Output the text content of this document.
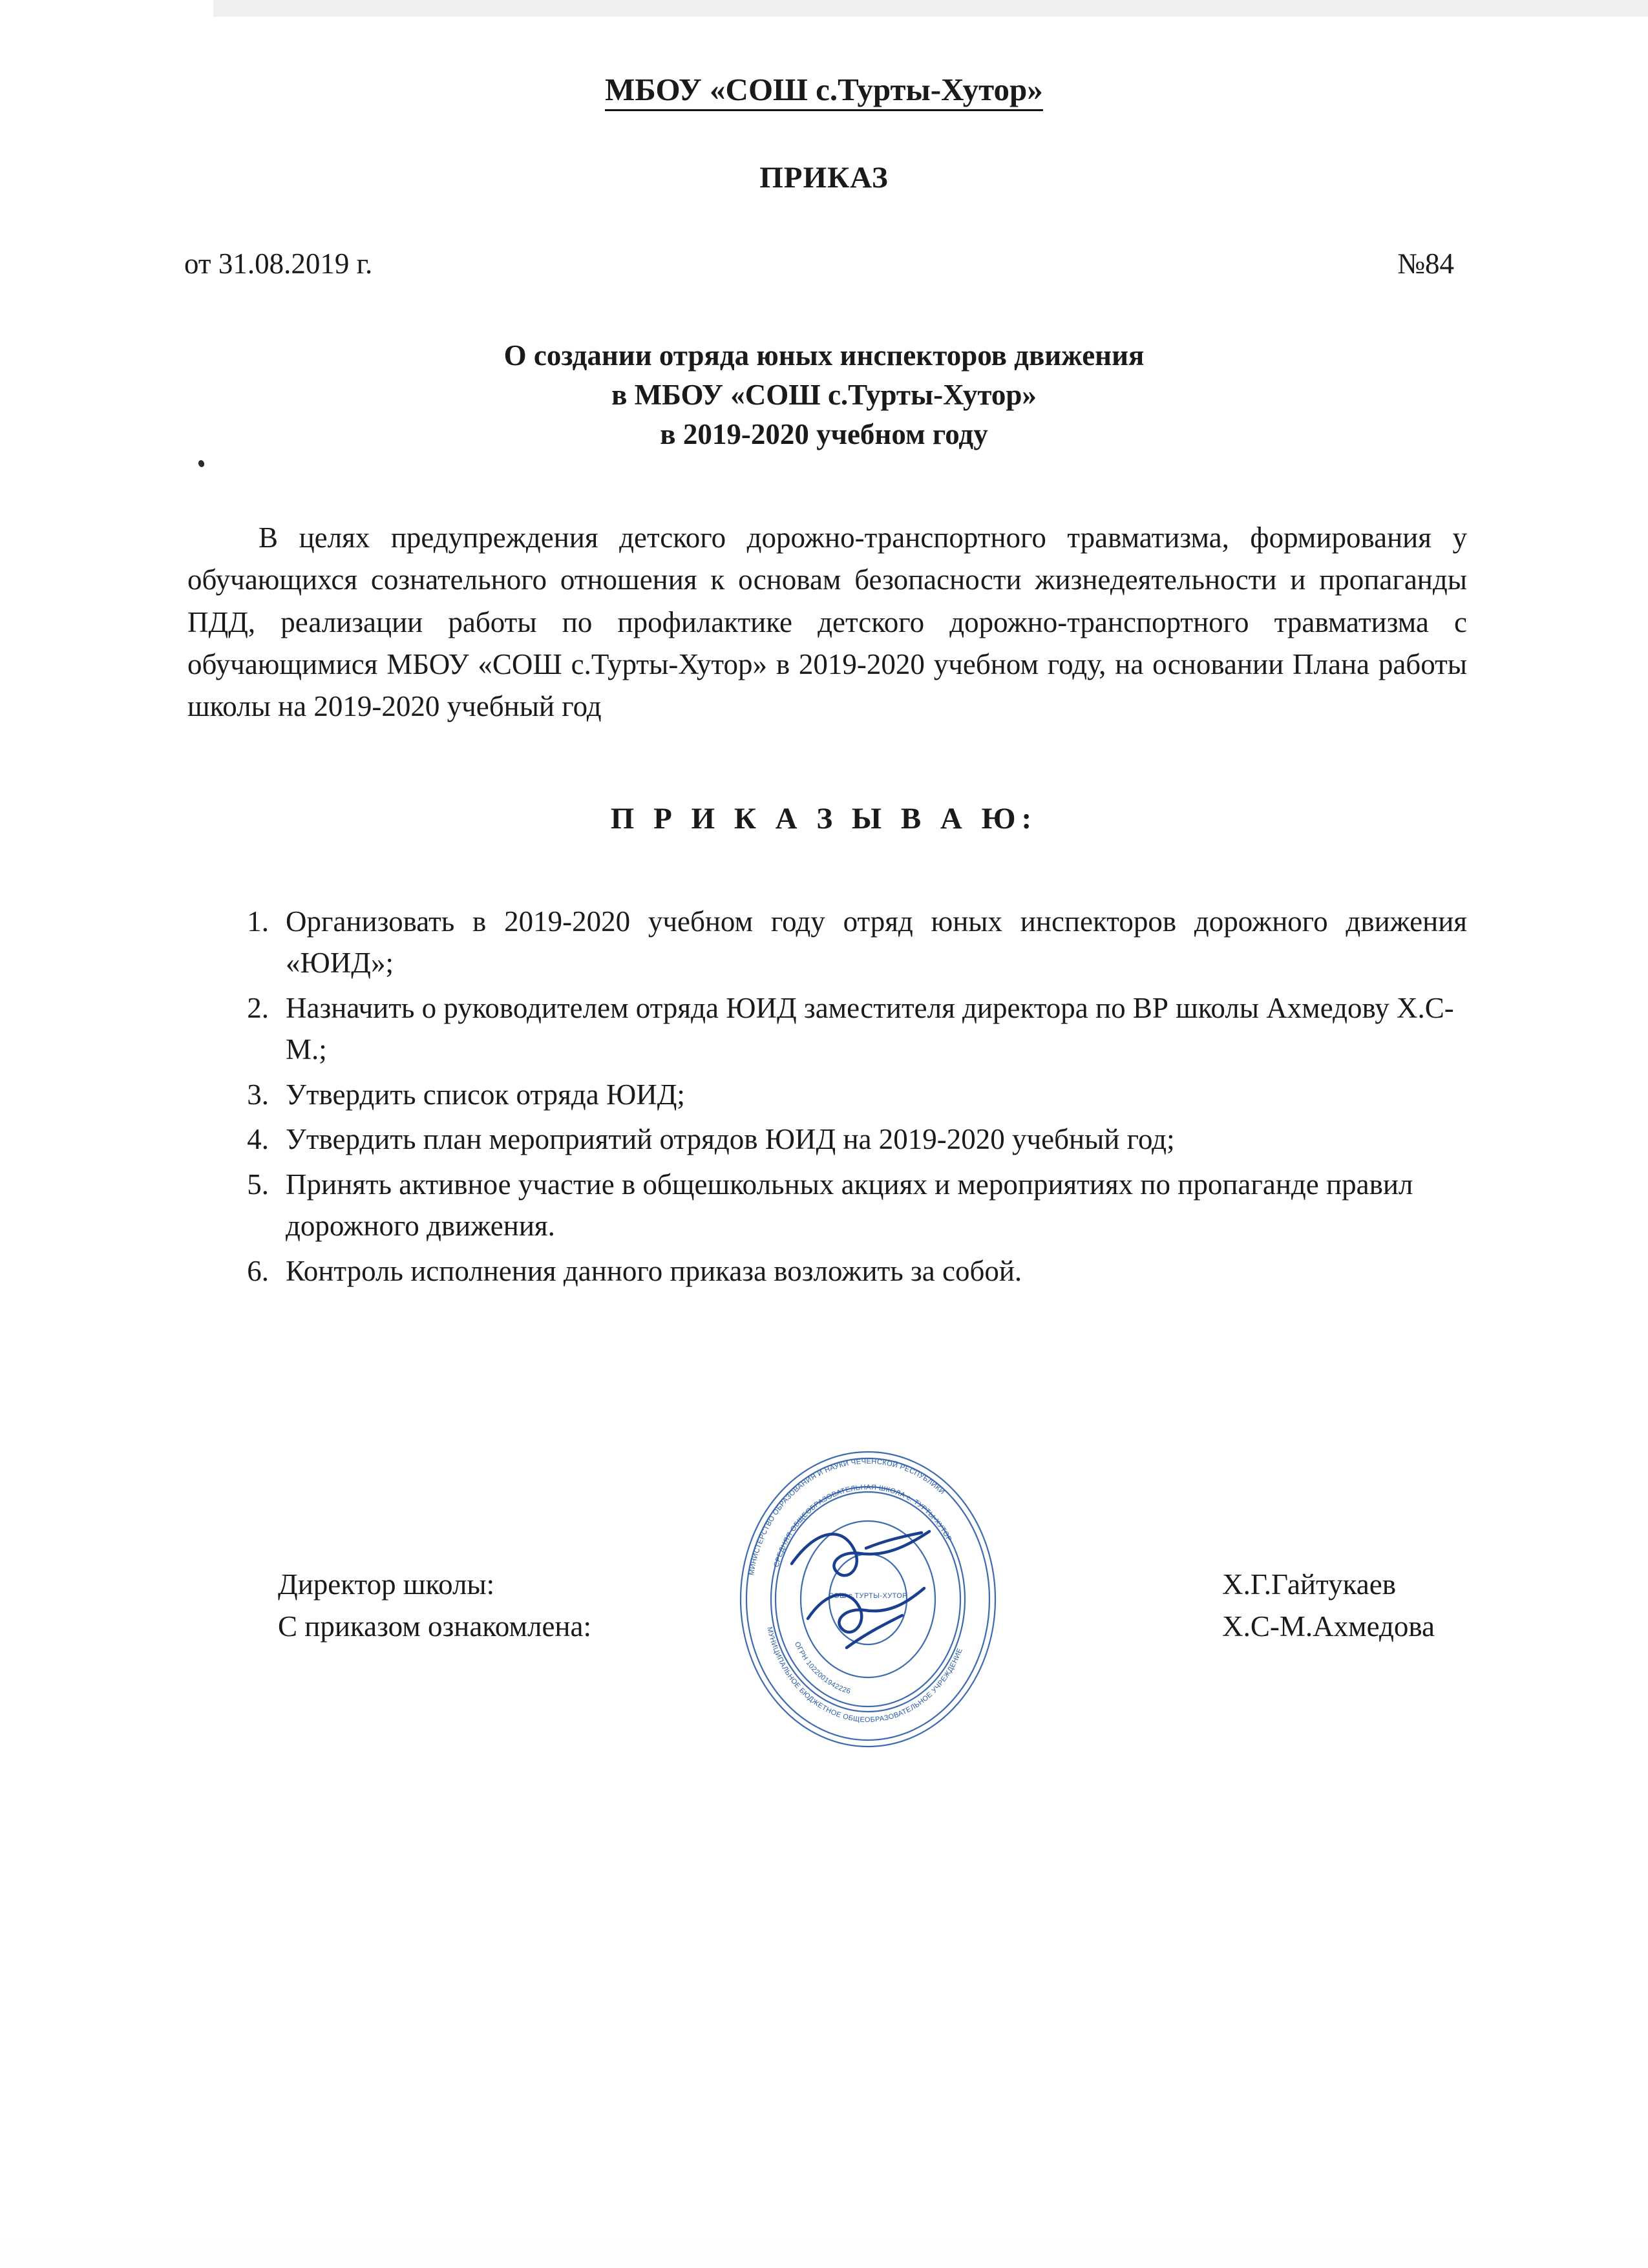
МБОУ «СОШ с.Турты-Хутор»
ПРИКАЗ
от 31.08.2019 г.	№84
О создании отряда юных инспекторов движения
в МБОУ «СОШ с.Турты-Хутор»
в 2019-2020 учебном году
В целях предупреждения детского дорожно-транспортного травматизма, формирования у обучающихся сознательного отношения к основам безопасности жизнедеятельности и пропаганды ПДД, реализации работы по профилактике детского дорожно-транспортного травматизма с обучающимися МБОУ «СОШ с.Турты-Хутор» в 2019-2020 учебном году, на основании Плана работы школы на 2019-2020 учебный год
П Р И К А З Ы В А Ю:
1. Организовать в 2019-2020 учебном году отряд юных инспекторов дорожного движения «ЮИД»;
2. Назначить о руководителем отряда ЮИД заместителя директора по ВР школы Ахмедову Х.С-М.;
3. Утвердить список отряда ЮИД;
4. Утвердить план мероприятий отрядов ЮИД на 2019-2020 учебный год;
5. Принять активное участие в общешкольных акциях и мероприятиях по пропаганде правил дорожного движения.
6. Контроль исполнения данного приказа возложить за собой.
МИНИСТЕРСТВО ОБРАЗОВАНИЯ И НАУКИ ЧЕЧЕНСКОЙ РЕСПУБЛИКИ
МУНИЦИПАЛЬНОЕ БЮДЖЕТНОЕ ОБЩЕОБРАЗОВАТЕЛЬНОЕ УЧРЕЖДЕНИЕ
СРЕДНЯЯ ОБЩЕОБРАЗОВАТЕЛЬНАЯ ШКОЛА с. ТУРТЫ-ХУТОР
ОГРН 1022001942226
СОШ с.ТУРТЫ-ХУТОР
Директор школы:
С приказом ознакомлена:
Х.Г.Гайтукаев
Х.С-М.Ахмедова
